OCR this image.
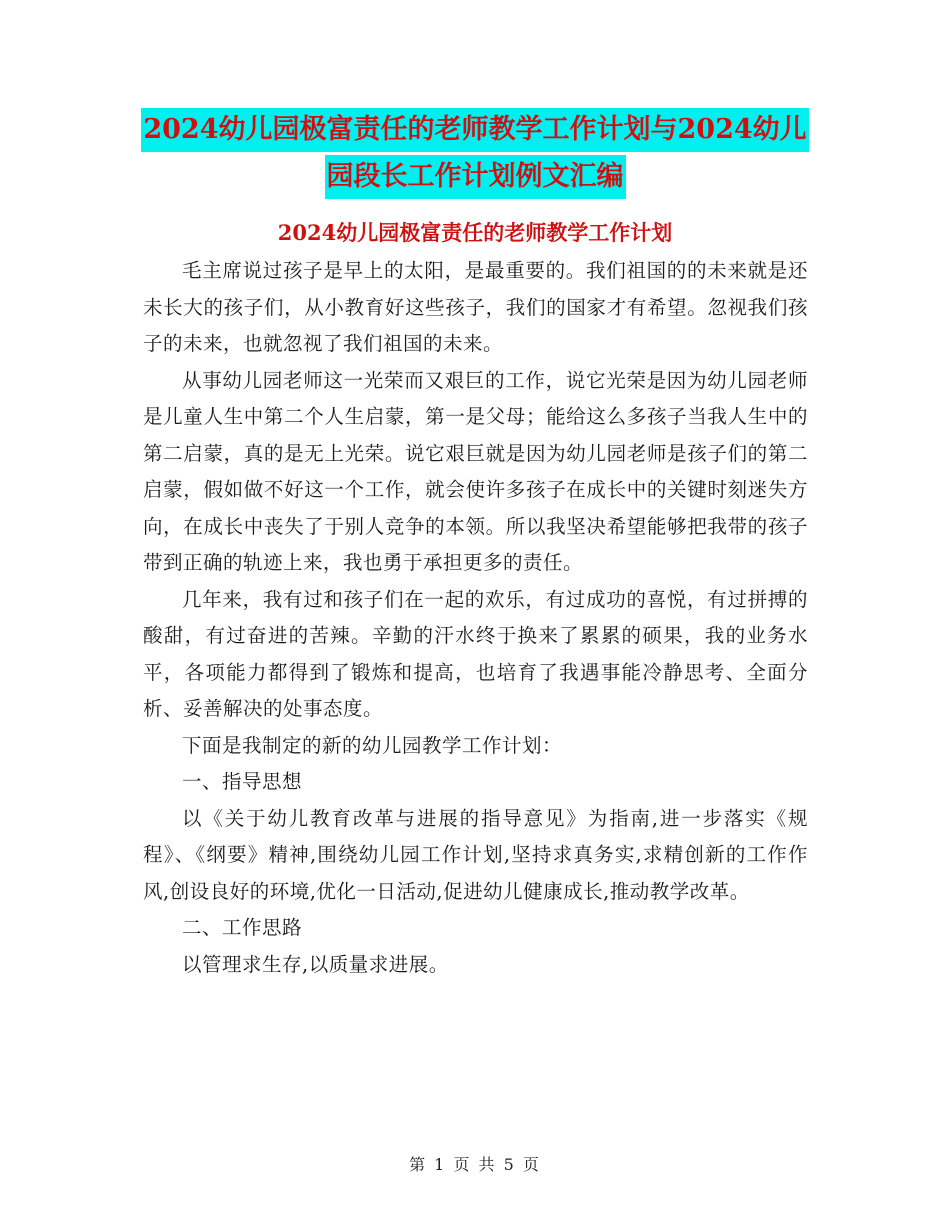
2024幼儿园极富责任的老师教学工作计划与2024幼儿
园段长工作计划例文汇编
2024幼儿园极富责任的老师教学工作计划

毛主席说过孩子是早上的太阳，是最重要的。我们祖国的的未来就是还未长大的孩子们，从小教育好这些孩子，我们的国家才有希望。忽视我们孩子的未来，也就忽视了我们祖国的未来。

从事幼儿园老师这一光荣而又艰巨的工作，说它光荣是因为幼儿园老师是儿童人生中第二个人生启蒙，第一是父母；能给这么多孩子当我人生中的第二启蒙，真的是无上光荣。说它艰巨就是因为幼儿园老师是孩子们的第二启蒙，假如做不好这一个工作，就会使许多孩子在成长中的关键时刻迷失方向，在成长中丧失了于别人竞争的本领。所以我坚决希望能够把我带的孩子带到正确的轨迹上来，我也勇于承担更多的责任。

几年来，我有过和孩子们在一起的欢乐，有过成功的喜悦，有过拼搏的酸甜，有过奋进的苦辣。辛勤的汗水终于换来了累累的硕果，我的业务水平，各项能力都得到了锻炼和提高，也培育了我遇事能冷静思考、全面分析、妥善解决的处事态度。

下面是我制定的新的幼儿园教学工作计划：

一、指导思想

以《关于幼儿教育改革与进展的指导意见》为指南,进一步落实《规程》、《纲要》精神,围绕幼儿园工作计划,坚持求真务实,求精创新的工作作风,创设良好的环境,优化一日活动,促进幼儿健康成长,推动教学改革。

二、工作思路

以管理求生存,以质量求进展。

第 1 页 共 5 页
